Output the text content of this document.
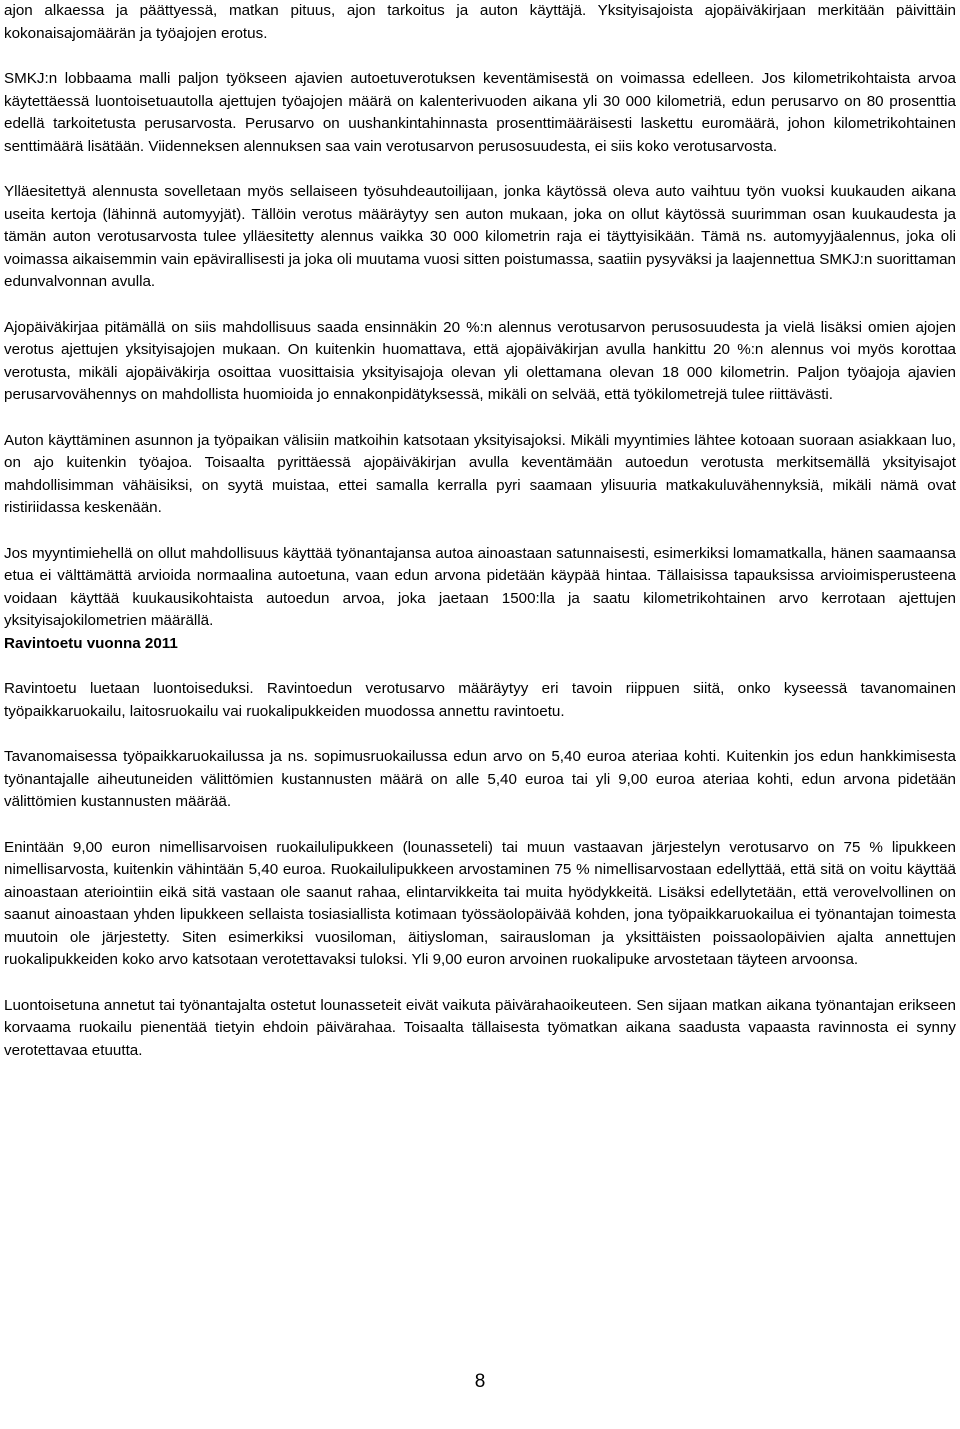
ajon alkaessa ja päättyessä, matkan pituus, ajon tarkoitus ja auton käyttäjä. Yksityisajoista ajopäiväkirjaan merkitään päivittäin kokonaisajomäärän ja työajojen erotus.

SMKJ:n lobbaama malli paljon työkseen ajavien autoetuverotuksen keventämisestä on voimassa edelleen. Jos kilometrikohtaista arvoa käytettäessä luontoisetuautolla ajettujen työajojen määrä on kalenterivuoden aikana yli 30 000 kilometriä, edun perusarvo on 80 prosenttia edellä tarkoitetusta perusarvosta. Perusarvo on uushankintahinnasta prosenttimääräisesti laskettu euromäärä, johon kilometrikohtainen senttimäärä lisätään. Viidenneksen alennuksen saa vain verotusarvon perusosuudesta, ei siis koko verotusarvosta.

Ylläesitettyä alennusta sovelletaan myös sellaiseen työsuhdeautoilijaan, jonka käytössä oleva auto vaihtuu työn vuoksi kuukauden aikana useita kertoja (lähinnä automyyjät). Tällöin verotus määräytyy sen auton mukaan, joka on ollut käytössä suurimman osan kuukaudesta ja tämän auton verotusarvosta tulee ylläesitetty alennus vaikka 30 000 kilometrin raja ei täyttyisikään. Tämä ns. automyyjäalennus, joka oli voimassa aikaisemmin vain epävirallisesti ja joka oli muutama vuosi sitten poistumassa, saatiin pysyväksi ja laajennettua SMKJ:n suorittaman edunvalvonnan avulla.

Ajopäiväkirjaa pitämällä on siis mahdollisuus saada ensinnäkin 20 %:n alennus verotusarvon perusosuudesta ja vielä lisäksi omien ajojen verotus ajettujen yksityisajojen mukaan. On kuitenkin huomattava, että ajopäiväkirjan avulla hankittu 20 %:n alennus voi myös korottaa verotusta, mikäli ajopäiväkirja osoittaa vuosittaisia yksityisajoja olevan yli olettamana olevan 18 000 kilometrin. Paljon työajoja ajavien perusarvovähennys on mahdollista huomioida jo ennakonpidätyksessä, mikäli on selvää, että työkilometrejä tulee riittävästi.

Auton käyttäminen asunnon ja työpaikan välisiin matkoihin katsotaan yksityisajoksi. Mikäli myyntimies lähtee kotoaan suoraan asiakkaan luo, on ajo kuitenkin työajoa. Toisaalta pyrittäessä ajopäiväkirjan avulla keventämään autoedun verotusta merkitsemällä yksityisajot mahdollisimman vähäisiksi, on syytä muistaa, ettei samalla kerralla pyri saamaan ylisuuria matkakuluvähennyksiä, mikäli nämä ovat ristiriidassa keskenään.

Jos myyntimiehellä on ollut mahdollisuus käyttää työnantajansa autoa ainoastaan satunnaisesti, esimerkiksi lomamatkalla, hänen saamaansa etua ei välttämättä arvioida normaalina autoetuna, vaan edun arvona pidetään käypää hintaa. Tällaisissa tapauksissa arvioimisperusteena voidaan käyttää kuukausikohtaista autoedun arvoa, joka jaetaan 1500:lla ja saatu kilometrikohtainen arvo kerrotaan ajettujen yksityisajokilometrien määrällä.

Ravintoetu vuonna 2011

Ravintoetu luetaan luontoiseduksi. Ravintoedun verotusarvo määräytyy eri tavoin riippuen siitä, onko kyseessä tavanomainen työpaikkaruokailu, laitosruokailu vai ruokalipukkeiden muodossa annettu ravintoetu.

Tavanomaisessa työpaikkaruokailussa ja ns. sopimusruokailussa edun arvo on 5,40 euroa ateriaa kohti. Kuitenkin jos edun hankkimisesta työnantajalle aiheutuneiden välittömien kustannusten määrä on alle 5,40 euroa tai yli 9,00 euroa ateriaa kohti, edun arvona pidetään välittömien kustannusten määrää.

Enintään 9,00 euron nimellisarvoisen ruokailulipukkeen (lounasseteli) tai muun vastaavan järjestelyn verotusarvo on 75 % lipukkeen nimellisarvosta, kuitenkin vähintään 5,40 euroa. Ruokailulipukkeen arvostaminen 75 % nimellisarvostaan edellyttää, että sitä on voitu käyttää ainoastaan ateriointiin eikä sitä vastaan ole saanut rahaa, elintarvikkeita tai muita hyödykkeitä. Lisäksi edellytetään, että verovelvollinen on saanut ainoastaan yhden lipukkeen sellaista tosiasiallista kotimaan työssäolopäivää kohden, jona työpaikkaruokailua ei työnantajan toimesta muutoin ole järjestetty. Siten esimerkiksi vuosiloman, äitiysloman, sairausloman ja yksittäisten poissaolopäivien ajalta annettujen ruokalipukkeiden koko arvo katsotaan verotettavaksi tuloksi. Yli 9,00 euron arvoinen ruokalipuke arvostetaan täyteen arvoonsa.

Luontoisetuna annetut tai työnantajalta ostetut lounasseteit eivät vaikuta päivärahaoikeuteen. Sen sijaan matkan aikana työnantajan erikseen korvaama ruokailu pienentää tietyin ehdoin päivärahaa. Toisaalta tällaisesta työmatkan aikana saadusta vapaasta ravinnosta ei synny verotettavaa etuutta.

8
